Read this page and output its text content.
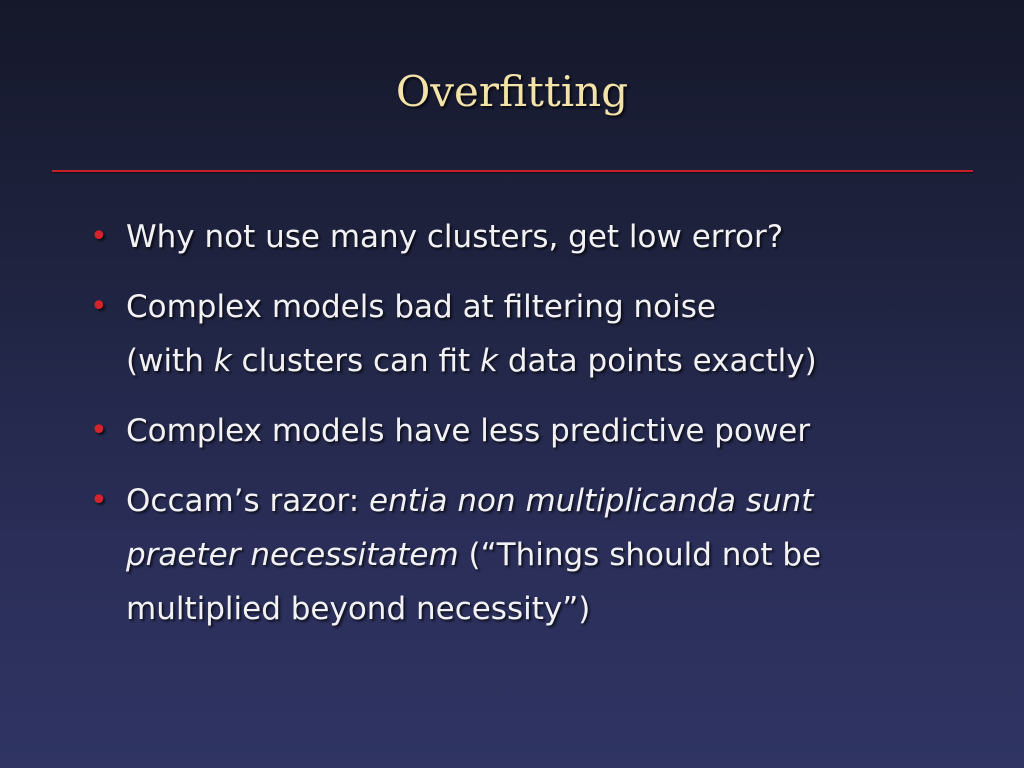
Overfitting
• Why not use many clusters, get low error?
• Complex models bad at filtering noise
(with k clusters can fit k data points exactly)
• Complex models have less predictive power
• Occam’s razor: entia non multiplicanda sunt
praeter necessitatem (“Things should not be
multiplied beyond necessity”)
